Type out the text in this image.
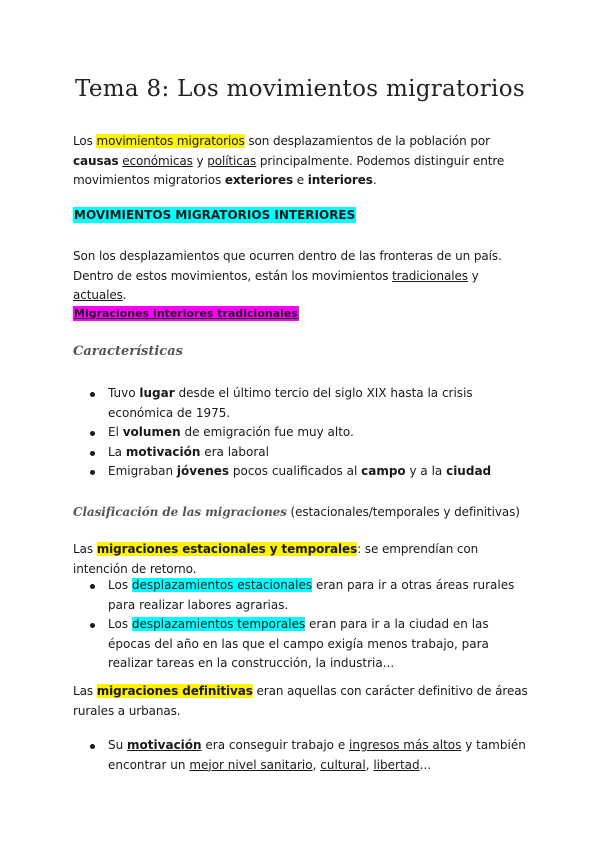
Tema 8: Los movimientos migratorios
Los movimientos migratorios son desplazamientos de la población por causas económicas y políticas principalmente. Podemos distinguir entre movimientos migratorios exteriores e interiores.
MOVIMIENTOS MIGRATORIOS INTERIORES
Son los desplazamientos que ocurren dentro de las fronteras de un país. Dentro de estos movimientos, están los movimientos tradicionales y actuales.
Migraciones interiores tradicionales
Características
Tuvo lugar desde el último tercio del siglo XIX hasta la crisis económica de 1975.
El volumen de emigración fue muy alto.
La motivación era laboral
Emigraban jóvenes pocos cualificados al campo y a la ciudad
Clasificación de las migraciones (estacionales/temporales y definitivas)
Las migraciones estacionales y temporales: se emprendían con intención de retorno.
Los desplazamientos estacionales eran para ir a otras áreas rurales para realizar labores agrarias.
Los desplazamientos temporales eran para ir a la ciudad en las épocas del año en las que el campo exigía menos trabajo, para realizar tareas en la construcción, la industria...
Las migraciones definitivas eran aquellas con carácter definitivo de áreas rurales a urbanas.
Su motivación era conseguir trabajo e ingresos más altos y también encontrar un mejor nivel sanitario, cultural, libertad...
